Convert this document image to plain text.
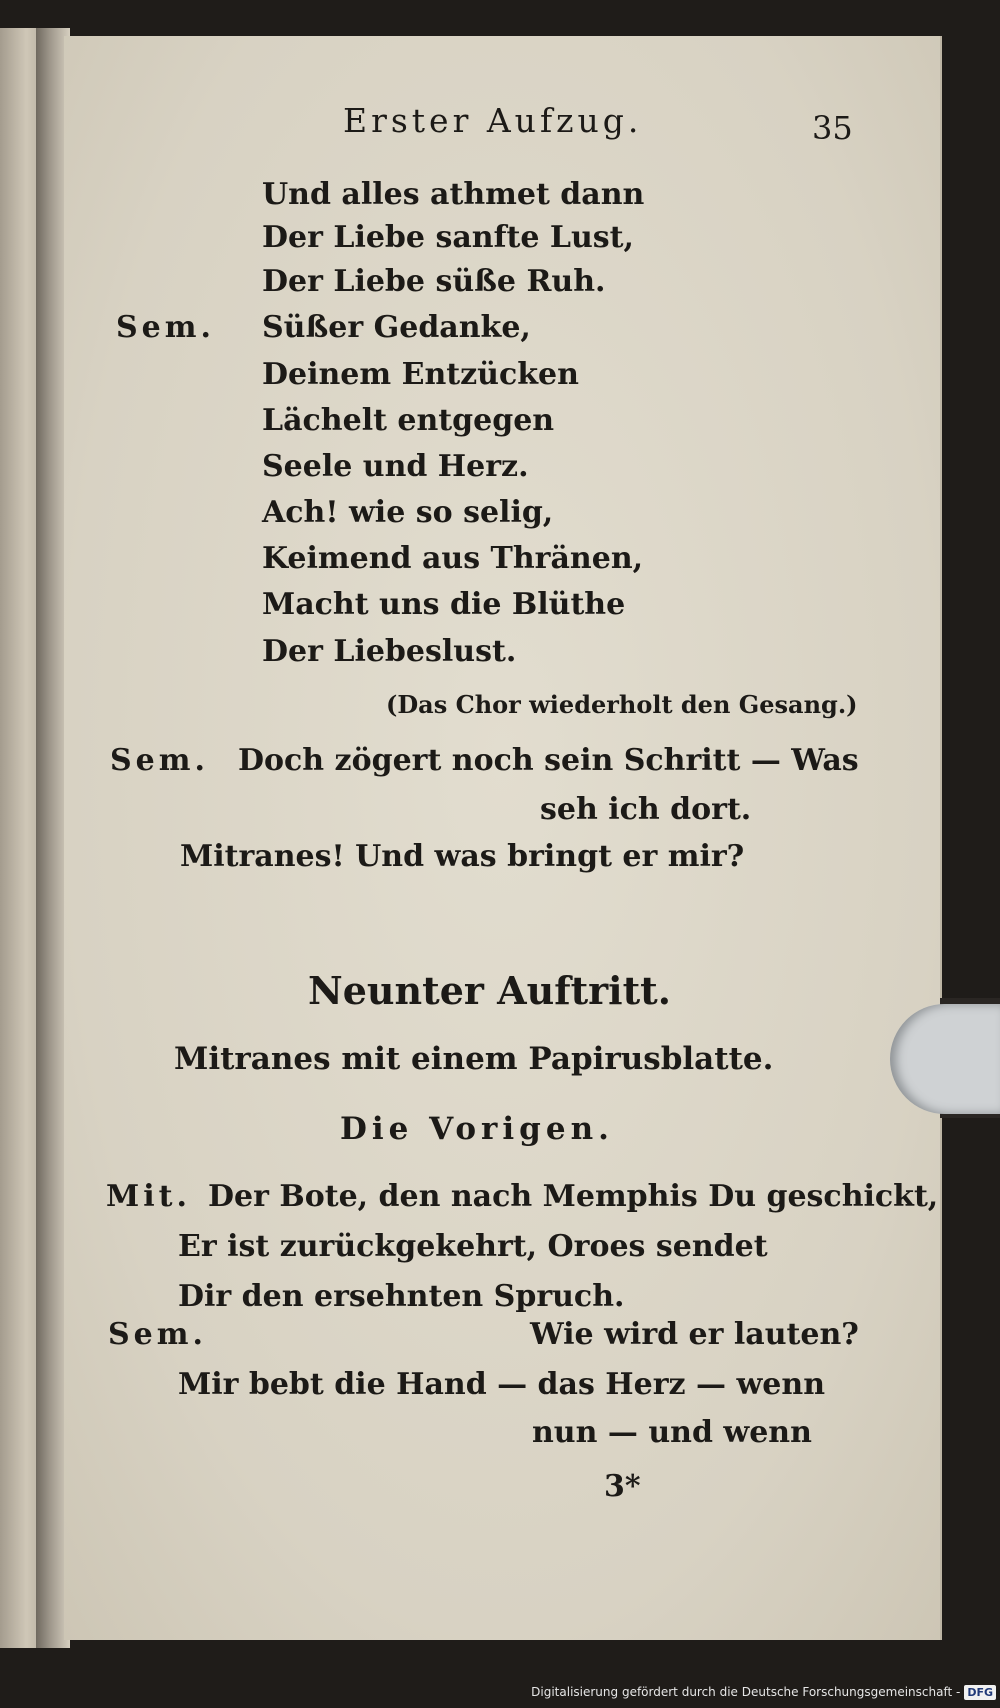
Erster Aufzug.	35
Und alles athmet dann
Der Liebe sanfte Lust,
Der Liebe süße Ruh.
Sem. Süßer Gedanke,
Deinem Entzücken
Lächelt entgegen
Seele und Herz.
Ach! wie so selig,
Keimend aus Thränen,
Macht uns die Blüthe
Der Liebeslust.
(Das Chor wiederholt den Gesang.)
Sem. Doch zögert noch sein Schritt — Was
seh ich dort.
Mitranes! Und was bringt er mir?
Neunter Auftritt.
Mitranes mit einem Papirusblatte.
Die Vorigen.
Mit. Der Bote, den nach Memphis Du geschickt,
Er ist zurückgekehrt, Oroes sendet
Dir den ersehnten Spruch.
Sem.	Wie wird er lauten?
Mir bebt die Hand — das Herz — wenn
nun — und wenn
3*
Digitalisierung gefördert durch die Deutsche Forschungsgemeinschaft - DFG
